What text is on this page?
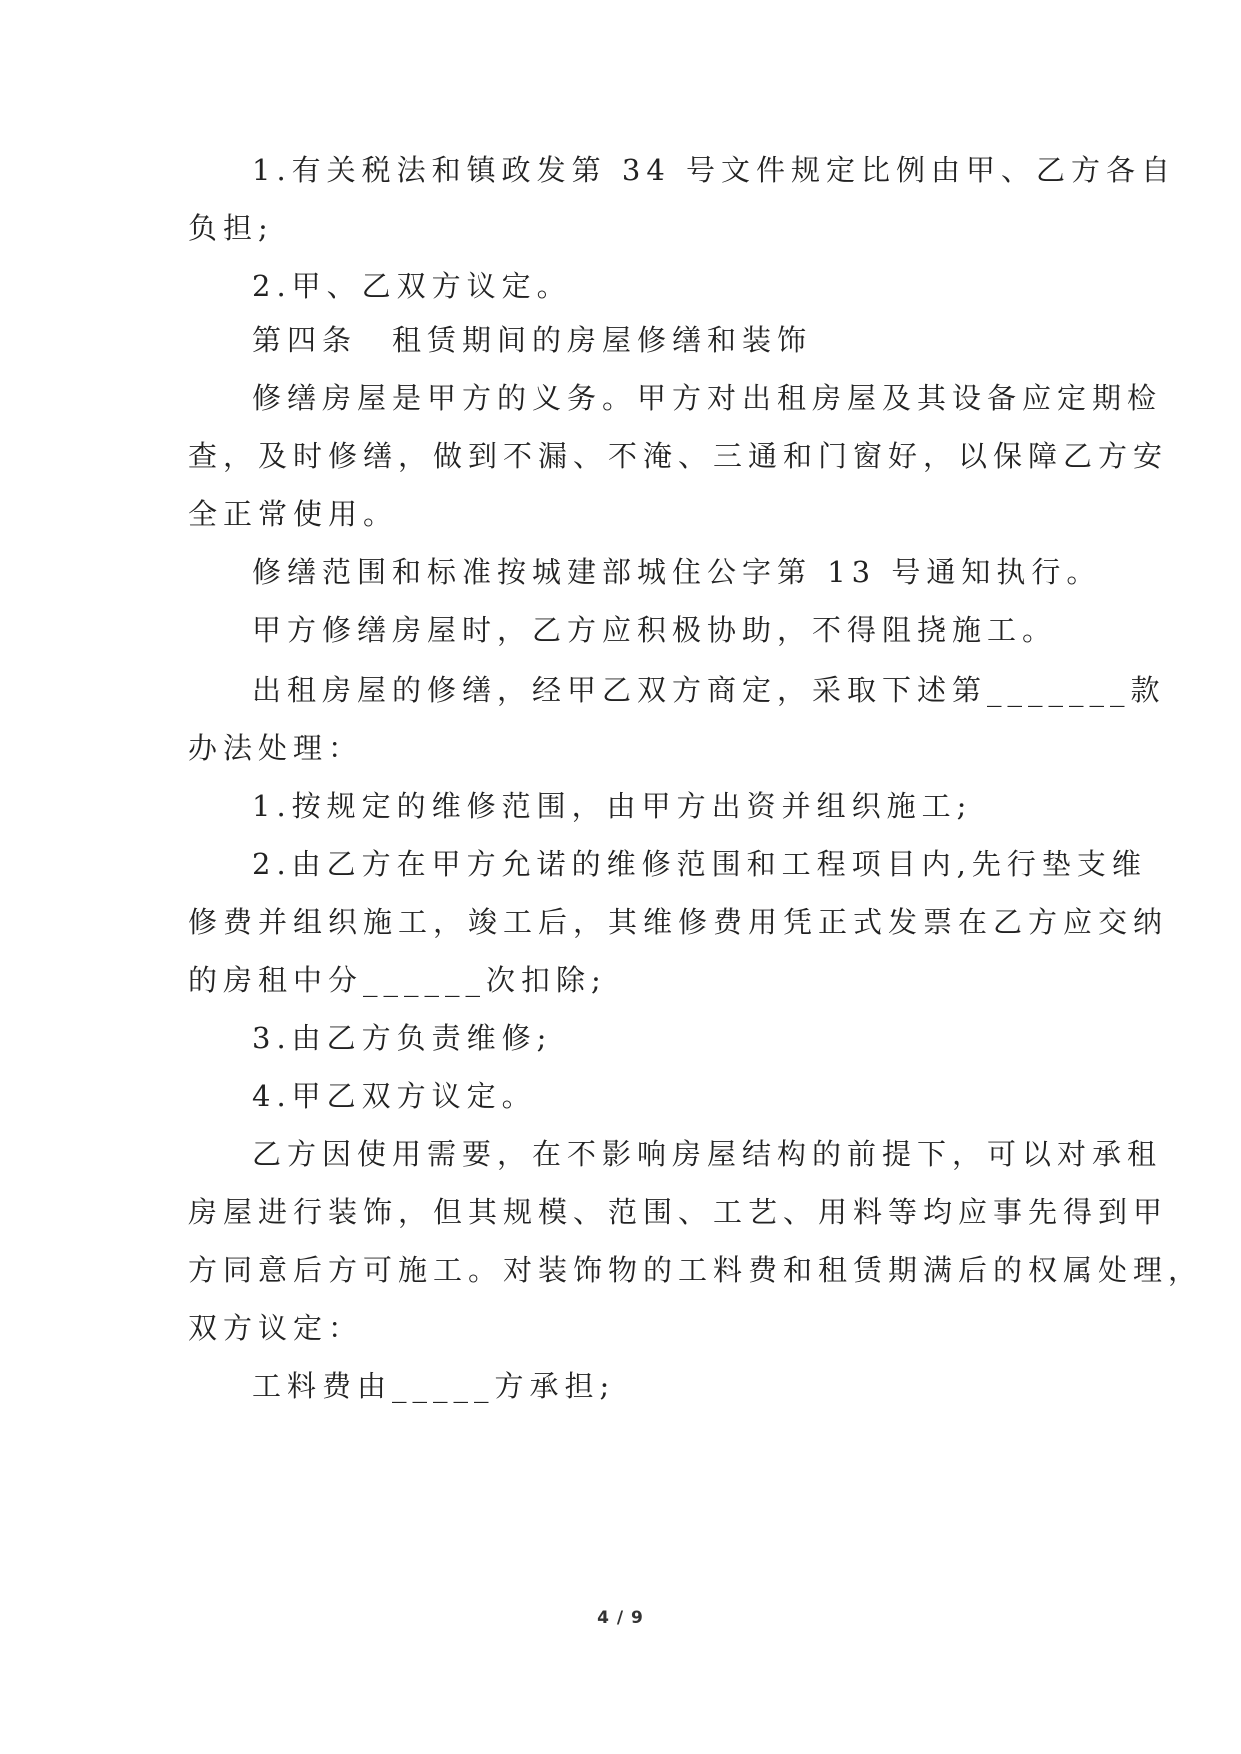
1.有关税法和镇政发第 34 号文件规定比例由甲、乙方各自
负担;
2.甲、乙双方议定。
第四条　租赁期间的房屋修缮和装饰
修缮房屋是甲方的义务。甲方对出租房屋及其设备应定期检
查，及时修缮，做到不漏、不淹、三通和门窗好，以保障乙方安
全正常使用。
修缮范围和标准按城建部城住公字第 13 号通知执行。
甲方修缮房屋时，乙方应积极协助，不得阻挠施工。
出租房屋的修缮，经甲乙双方商定，采取下述第_______款
办法处理：
1.按规定的维修范围，由甲方出资并组织施工;
2.由乙方在甲方允诺的维修范围和工程项目内,先行垫支维
修费并组织施工，竣工后，其维修费用凭正式发票在乙方应交纳
的房租中分______次扣除;
3.由乙方负责维修;
4.甲乙双方议定。
乙方因使用需要，在不影响房屋结构的前提下，可以对承租
房屋进行装饰，但其规模、范围、工艺、用料等均应事先得到甲
方同意后方可施工。对装饰物的工料费和租赁期满后的权属处理，
双方议定：
工料费由_____方承担;
4 / 9
